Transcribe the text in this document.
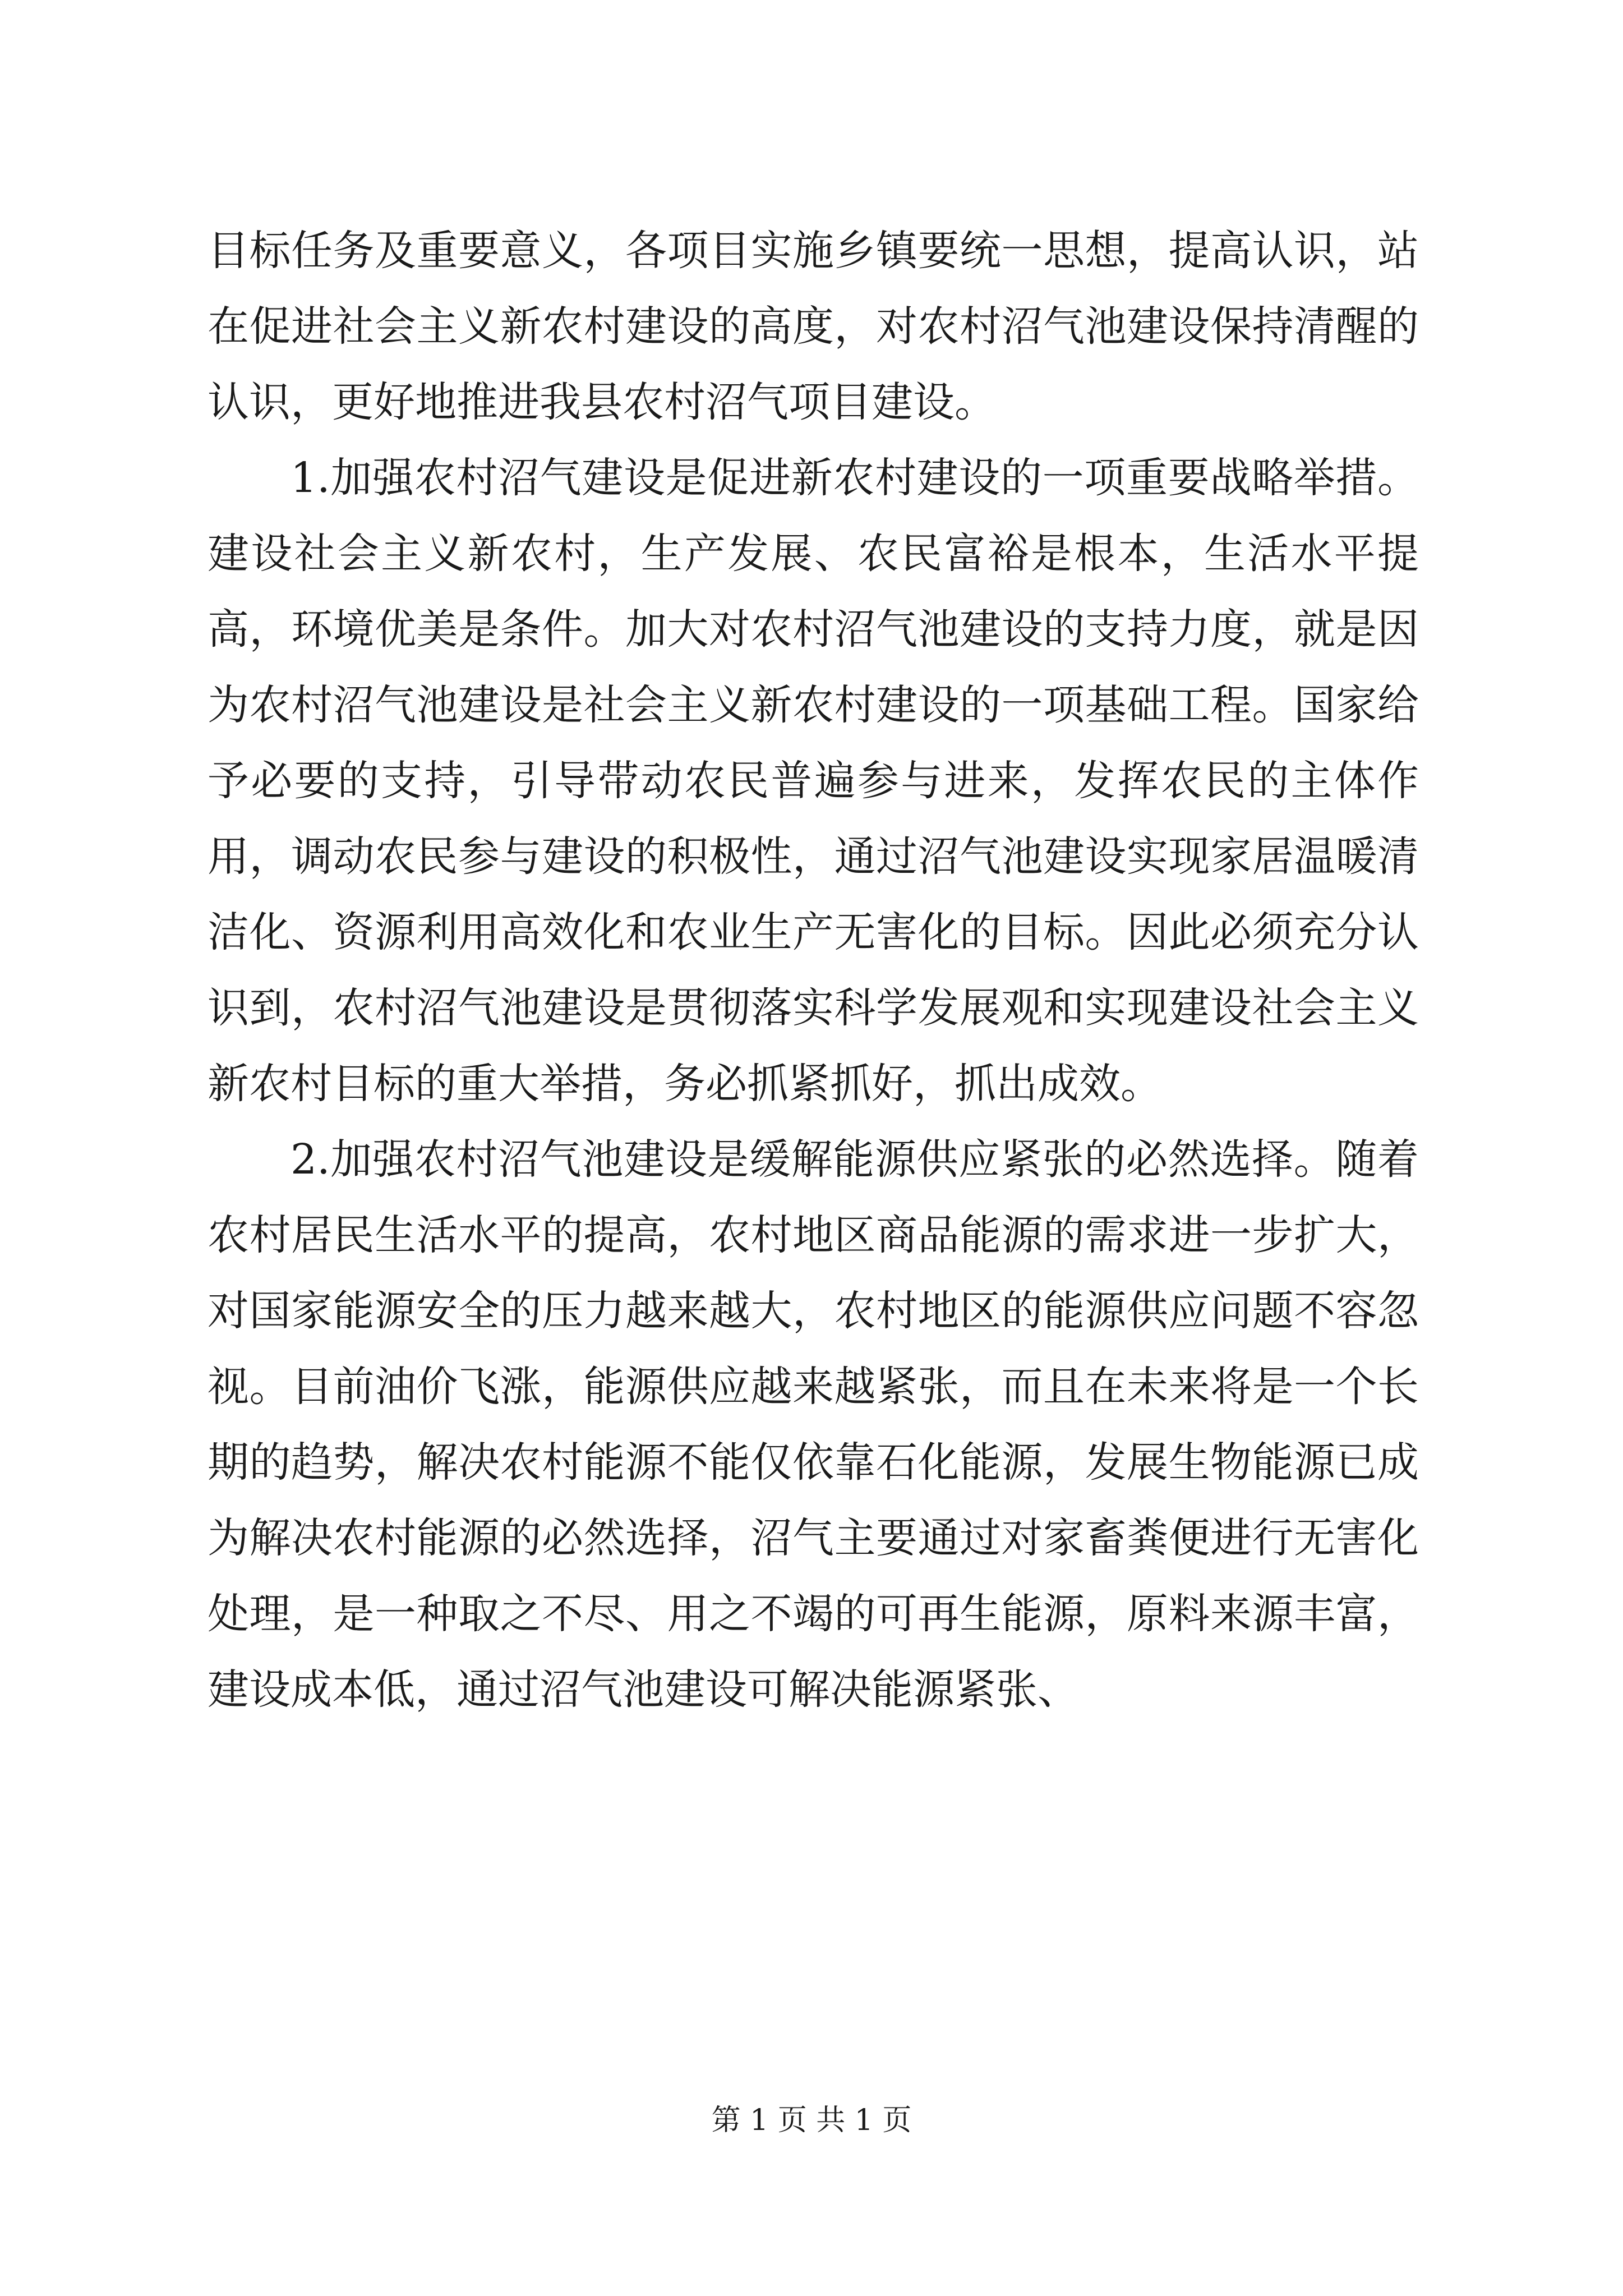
目标任务及重要意义，各项目实施乡镇要统一思想，提高认识，站在促进社会主义新农村建设的高度，对农村沼气池建设保持清醒的认识，更好地推进我县农村沼气项目建设。

1.加强农村沼气建设是促进新农村建设的一项重要战略举措。建设社会主义新农村，生产发展、农民富裕是根本，生活水平提高，环境优美是条件。加大对农村沼气池建设的支持力度，就是因为农村沼气池建设是社会主义新农村建设的一项基础工程。国家给予必要的支持，引导带动农民普遍参与进来，发挥农民的主体作用，调动农民参与建设的积极性，通过沼气池建设实现家居温暖清洁化、资源利用高效化和农业生产无害化的目标。因此必须充分认识到，农村沼气池建设是贯彻落实科学发展观和实现建设社会主义新农村目标的重大举措，务必抓紧抓好，抓出成效。

2.加强农村沼气池建设是缓解能源供应紧张的必然选择。随着农村居民生活水平的提高，农村地区商品能源的需求进一步扩大，对国家能源安全的压力越来越大，农村地区的能源供应问题不容忽视。目前油价飞涨，能源供应越来越紧张，而且在未来将是一个长期的趋势，解决农村能源不能仅依靠石化能源，发展生物能源已成为解决农村能源的必然选择，沼气主要通过对家畜粪便进行无害化处理，是一种取之不尽、用之不竭的可再生能源，原料来源丰富，建设成本低，通过沼气池建设可解决能源紧张、

第 1 页 共 1 页
